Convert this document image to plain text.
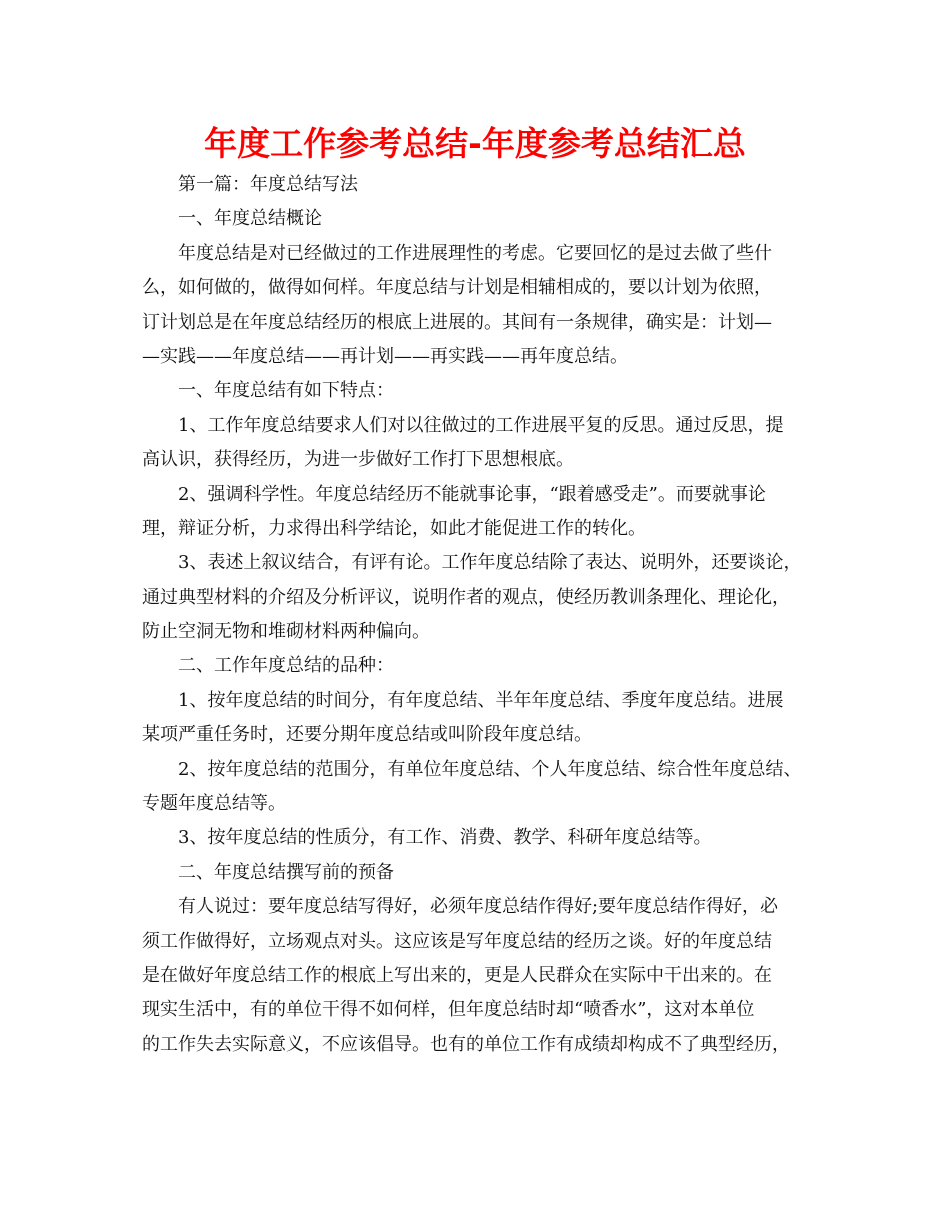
年度工作参考总结-年度参考总结汇总
第一篇：年度总结写法
一、年度总结概论
年度总结是对已经做过的工作进展理性的考虑。它要回忆的是过去做了些什
么，如何做的，做得如何样。年度总结与计划是相辅相成的，要以计划为依照，
订计划总是在年度总结经历的根底上进展的。其间有一条规律，确实是：计划—
—实践——年度总结——再计划——再实践——再年度总结。
一、年度总结有如下特点：
1、工作年度总结要求人们对以往做过的工作进展平复的反思。通过反思，提
高认识，获得经历，为进一步做好工作打下思想根底。
2、强调科学性。年度总结经历不能就事论事，“跟着感受走”。而要就事论
理，辩证分析，力求得出科学结论，如此才能促进工作的转化。
3、表述上叙议结合，有评有论。工作年度总结除了表达、说明外，还要谈论，
通过典型材料的介绍及分析评议，说明作者的观点，使经历教训条理化、理论化，
防止空洞无物和堆砌材料两种偏向。
二、工作年度总结的品种：
1、按年度总结的时间分，有年度总结、半年年度总结、季度年度总结。进展
某项严重任务时，还要分期年度总结或叫阶段年度总结。
2、按年度总结的范围分，有单位年度总结、个人年度总结、综合性年度总结、
专题年度总结等。
3、按年度总结的性质分，有工作、消费、教学、科研年度总结等。
二、年度总结撰写前的预备
有人说过：要年度总结写得好，必须年度总结作得好;要年度总结作得好，必
须工作做得好，立场观点对头。这应该是写年度总结的经历之谈。好的年度总结
是在做好年度总结工作的根底上写出来的，更是人民群众在实际中干出来的。在
现实生活中，有的单位干得不如何样，但年度总结时却“喷香水”，这对本单位
的工作失去实际意义，不应该倡导。也有的单位工作有成绩却构成不了典型经历，
